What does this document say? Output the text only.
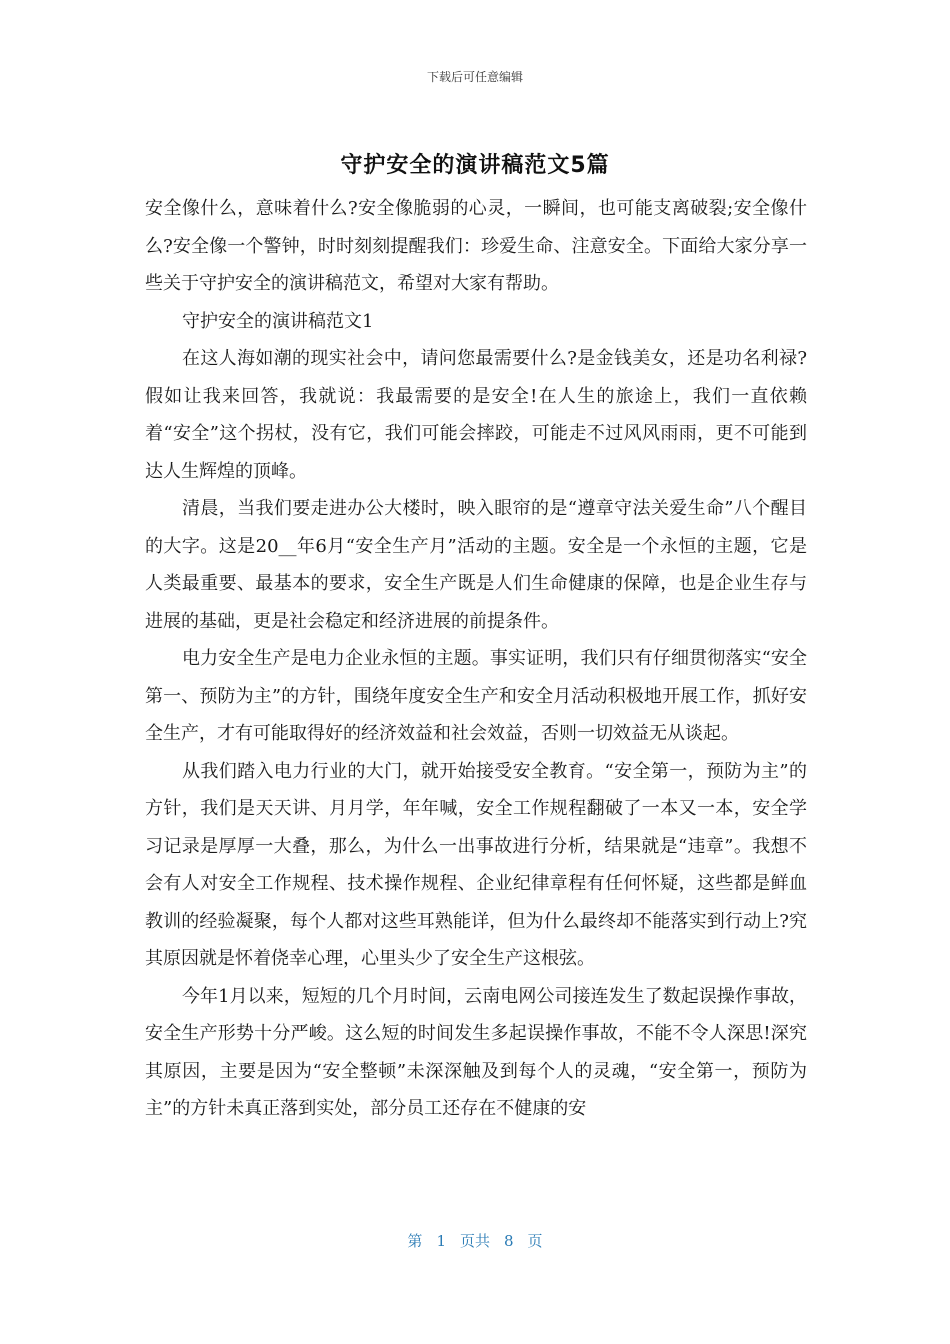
下载后可任意编辑
守护安全的演讲稿范文5篇

安全像什么，意味着什么?安全像脆弱的心灵，一瞬间，也可能支离破裂;安全像什么?安全像一个警钟，时时刻刻提醒我们：珍爱生命、注意安全。下面给大家分享一些关于守护安全的演讲稿范文，希望对大家有帮助。

守护安全的演讲稿范文1

在这人海如潮的现实社会中，请问您最需要什么?是金钱美女，还是功名利禄?假如让我来回答，我就说：我最需要的是安全!在人生的旅途上，我们一直依赖着“安全”这个拐杖，没有它，我们可能会摔跤，可能走不过风风雨雨，更不可能到达人生辉煌的顶峰。

清晨，当我们要走进办公大楼时，映入眼帘的是“遵章守法关爱生命”八个醒目的大字。这是20__年6月“安全生产月”活动的主题。安全是一个永恒的主题，它是人类最重要、最基本的要求，安全生产既是人们生命健康的保障，也是企业生存与进展的基础，更是社会稳定和经济进展的前提条件。

电力安全生产是电力企业永恒的主题。事实证明，我们只有仔细贯彻落实“安全第一、预防为主”的方针，围绕年度安全生产和安全月活动积极地开展工作，抓好安全生产，才有可能取得好的经济效益和社会效益，否则一切效益无从谈起。

从我们踏入电力行业的大门，就开始接受安全教育。“安全第一，预防为主”的方针，我们是天天讲、月月学，年年喊，安全工作规程翻破了一本又一本，安全学习记录是厚厚一大叠，那么，为什么一出事故进行分析，结果就是“违章”。我想不会有人对安全工作规程、技术操作规程、企业纪律章程有任何怀疑，这些都是鲜血教训的经验凝聚，每个人都对这些耳熟能详，但为什么最终却不能落实到行动上?究其原因就是怀着侥幸心理，心里头少了安全生产这根弦。

今年1月以来，短短的几个月时间，云南电网公司接连发生了数起误操作事故，安全生产形势十分严峻。这么短的时间发生多起误操作事故，不能不令人深思!深究其原因，主要是因为“安全整顿”未深深触及到每个人的灵魂，“安全第一，预防为主”的方针未真正落到实处，部分员工还存在不健康的安

第 1 页共 8 页
